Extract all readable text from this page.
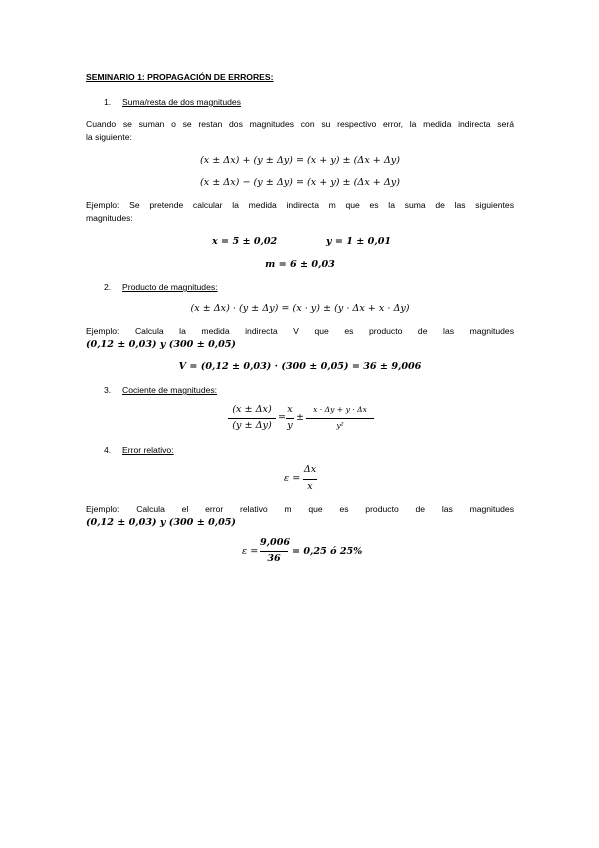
SEMINARIO 1: PROPAGACIÓN DE ERRORES:
1. Suma/resta de dos magnitudes
Cuando se suman o se restan dos magnitudes con su respectivo error, la medida indirecta será
la siguiente:
(x ± Δx) + (y ± Δy) = (x + y) ± (Δx + Δy)
(x ± Δx) − (y ± Δy) = (x + y) ± (Δx + Δy)
Ejemplo: Se pretende calcular la medida indirecta m que es la suma de las siguientes
magnitudes:
x = 5 ± 0,02	y = 1 ± 0,01
m = 6 ± 0,03
2. Producto de magnitudes:
(x ± Δx) · (y ± Δy) = (x · y) ± (y · Δx + x · Δy)
Ejemplo: Calcula la medida indirecta V que es producto de las magnitudes
(0,12 ± 0,03) y (300 ± 0,05)
V = (0,12 ± 0,03) · (300 ± 0,05) = 36 ± 9,006
3. Cociente de magnitudes:
(x ± Δx)
(y ± Δy)
=
x
y
±
x · Δy + y · Δx
y²
4. Error relativo:
ε =
Δx
x
Ejemplo: Calcula el error relativo m que es producto de las magnitudes
(0,12 ± 0,03) y (300 ± 0,05)
ε =
9,006
36
= 0,25 ó 25%
